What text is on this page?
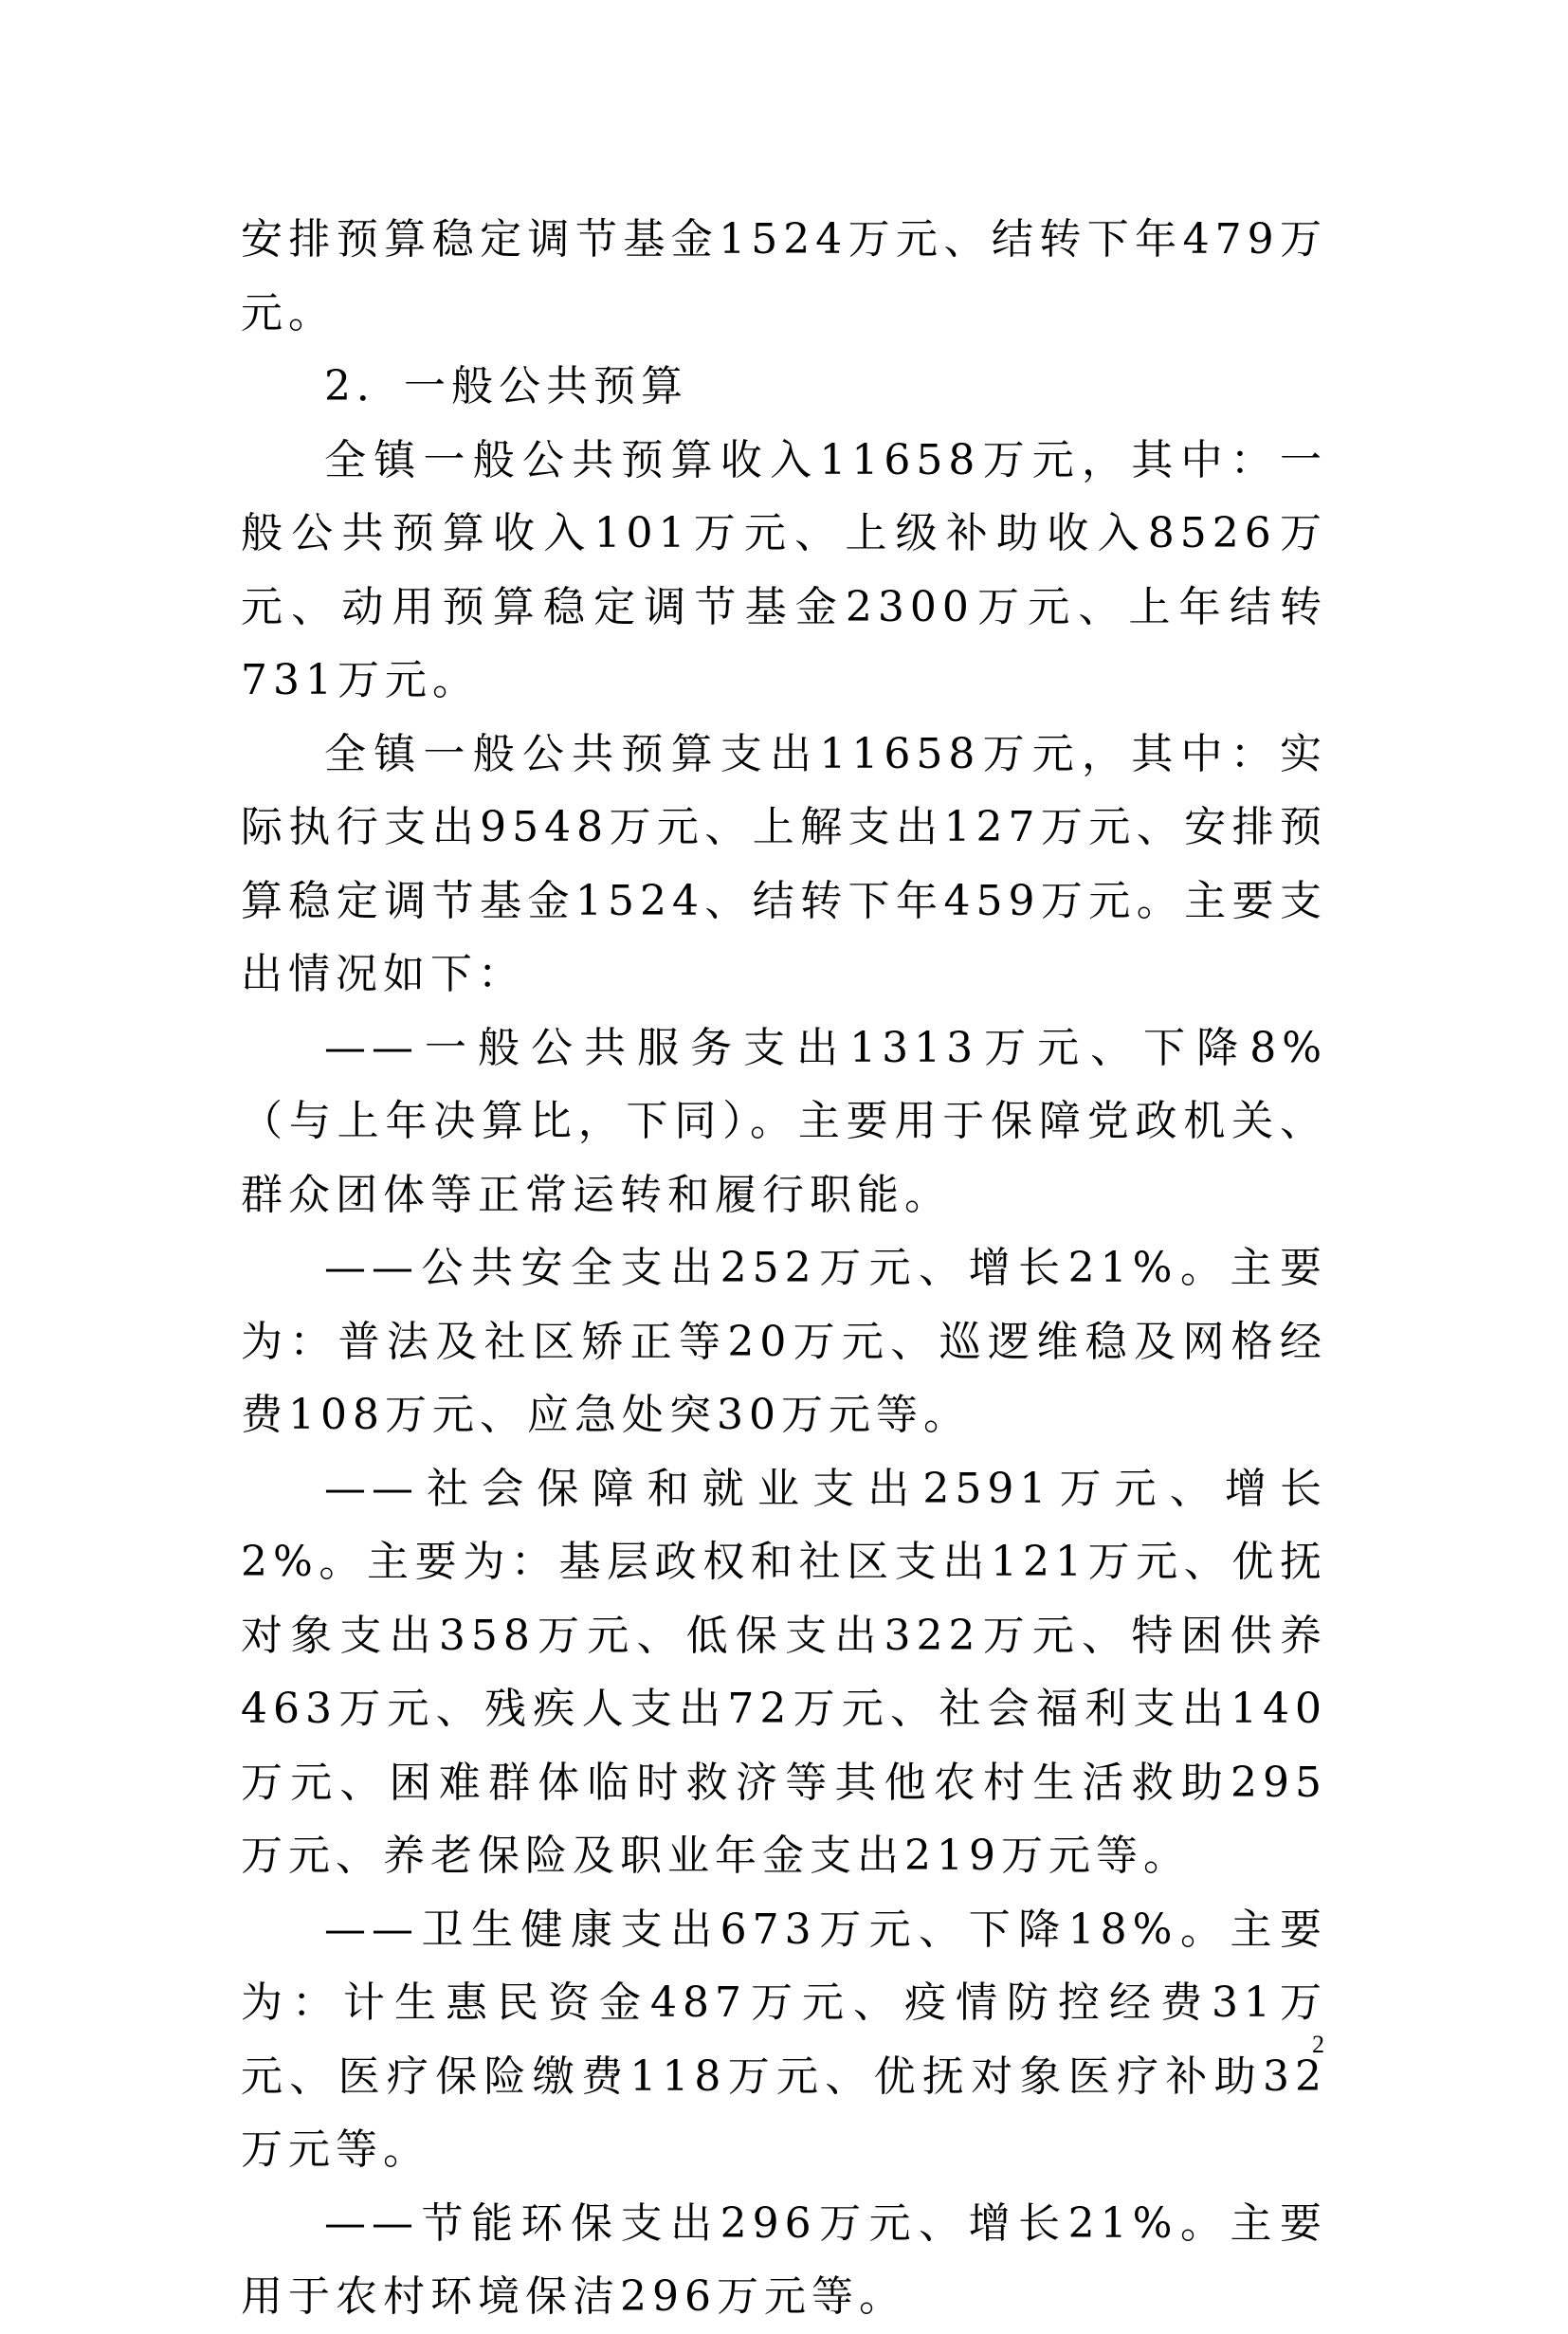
安排预算稳定调节基金1524万元、结转下年479万元。

2．一般公共预算

全镇一般公共预算收入11658万元，其中：一般公共预算收入101万元、上级补助收入8526万元、动用预算稳定调节基金2300万元、上年结转731万元。

全镇一般公共预算支出11658万元，其中：实际执行支出9548万元、上解支出127万元、安排预算稳定调节基金1524、结转下年459万元。主要支出情况如下：

——一般公共服务支出1313万元、下降8%（与上年决算比，下同）。主要用于保障党政机关、群众团体等正常运转和履行职能。

——公共安全支出252万元、增长21%。主要为：普法及社区矫正等20万元、巡逻维稳及网格经费108万元、应急处突30万元等。

——社会保障和就业支出2591万元、增长2%。主要为：基层政权和社区支出121万元、优抚对象支出358万元、低保支出322万元、特困供养463万元、残疾人支出72万元、社会福利支出140万元、困难群体临时救济等其他农村生活救助295万元、养老保险及职业年金支出219万元等。

——卫生健康支出673万元、下降18%。主要为：计生惠民资金487万元、疫情防控经费31万元、医疗保险缴费118万元、优抚对象医疗补助32万元等。

——节能环保支出296万元、增长21%。主要用于农村环境保洁296万元等。

2
